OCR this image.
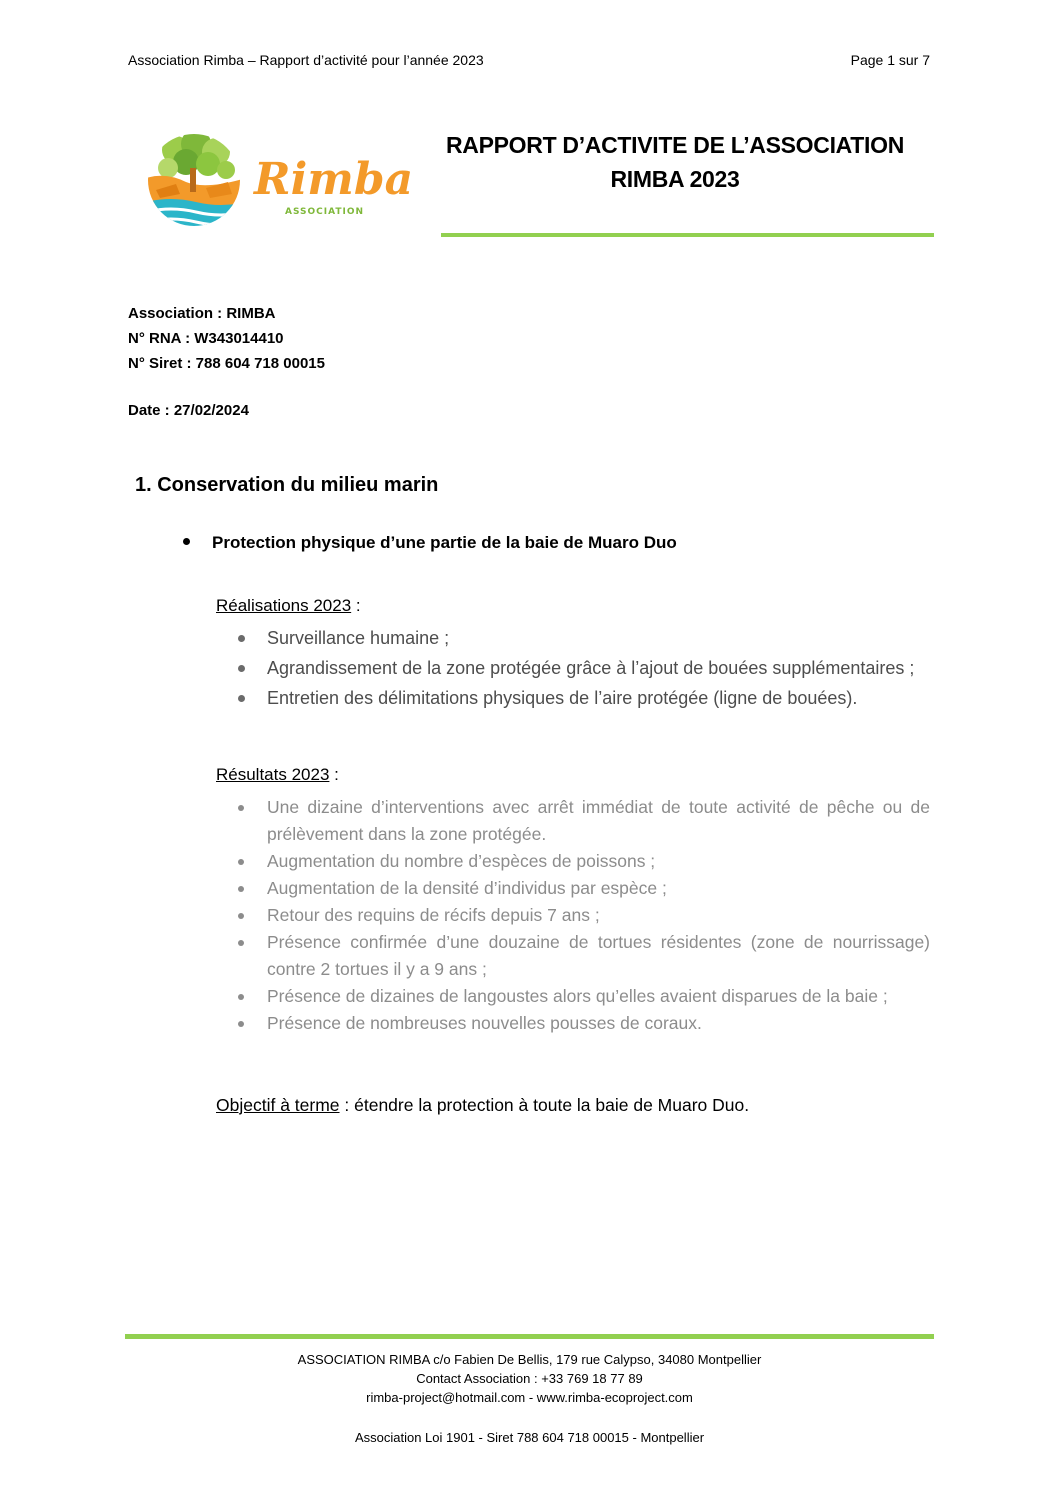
Association Rimba – Rapport d’activité pour l’année 2023	Page 1 sur 7
Rimba
ASSOCIATION
RAPPORT D’ACTIVITE DE L’ASSOCIATION
RIMBA 2023
Association : RIMBA
N° RNA : W343014410
N° Siret : 788 604 718 00015
Date : 27/02/2024
1. Conservation du milieu marin
Protection physique d’une partie de la baie de Muaro Duo
Réalisations 2023 :
Surveillance humaine ;
Agrandissement de la zone protégée grâce à l’ajout de bouées supplémentaires ;
Entretien des délimitations physiques de l’aire protégée (ligne de bouées).
Résultats 2023 :
Une dizaine d’interventions avec arrêt immédiat de toute activité de pêche ou de prélèvement dans la zone protégée.
Augmentation du nombre d’espèces de poissons ;
Augmentation de la densité d’individus par espèce ;
Retour des requins de récifs depuis 7 ans ;
Présence confirmée d’une douzaine de tortues résidentes (zone de nourrissage) contre 2 tortues il y a 9 ans ;
Présence de dizaines de langoustes alors qu’elles avaient disparues de la baie ;
Présence de nombreuses nouvelles pousses de coraux.
Objectif à terme : étendre la protection à toute la baie de Muaro Duo.
ASSOCIATION RIMBA c/o Fabien De Bellis, 179 rue Calypso, 34080 Montpellier
Contact Association : +33 769 18 77 89
rimba-project@hotmail.com - www.rimba-ecoproject.com
Association Loi 1901 - Siret 788 604 718 00015 - Montpellier
